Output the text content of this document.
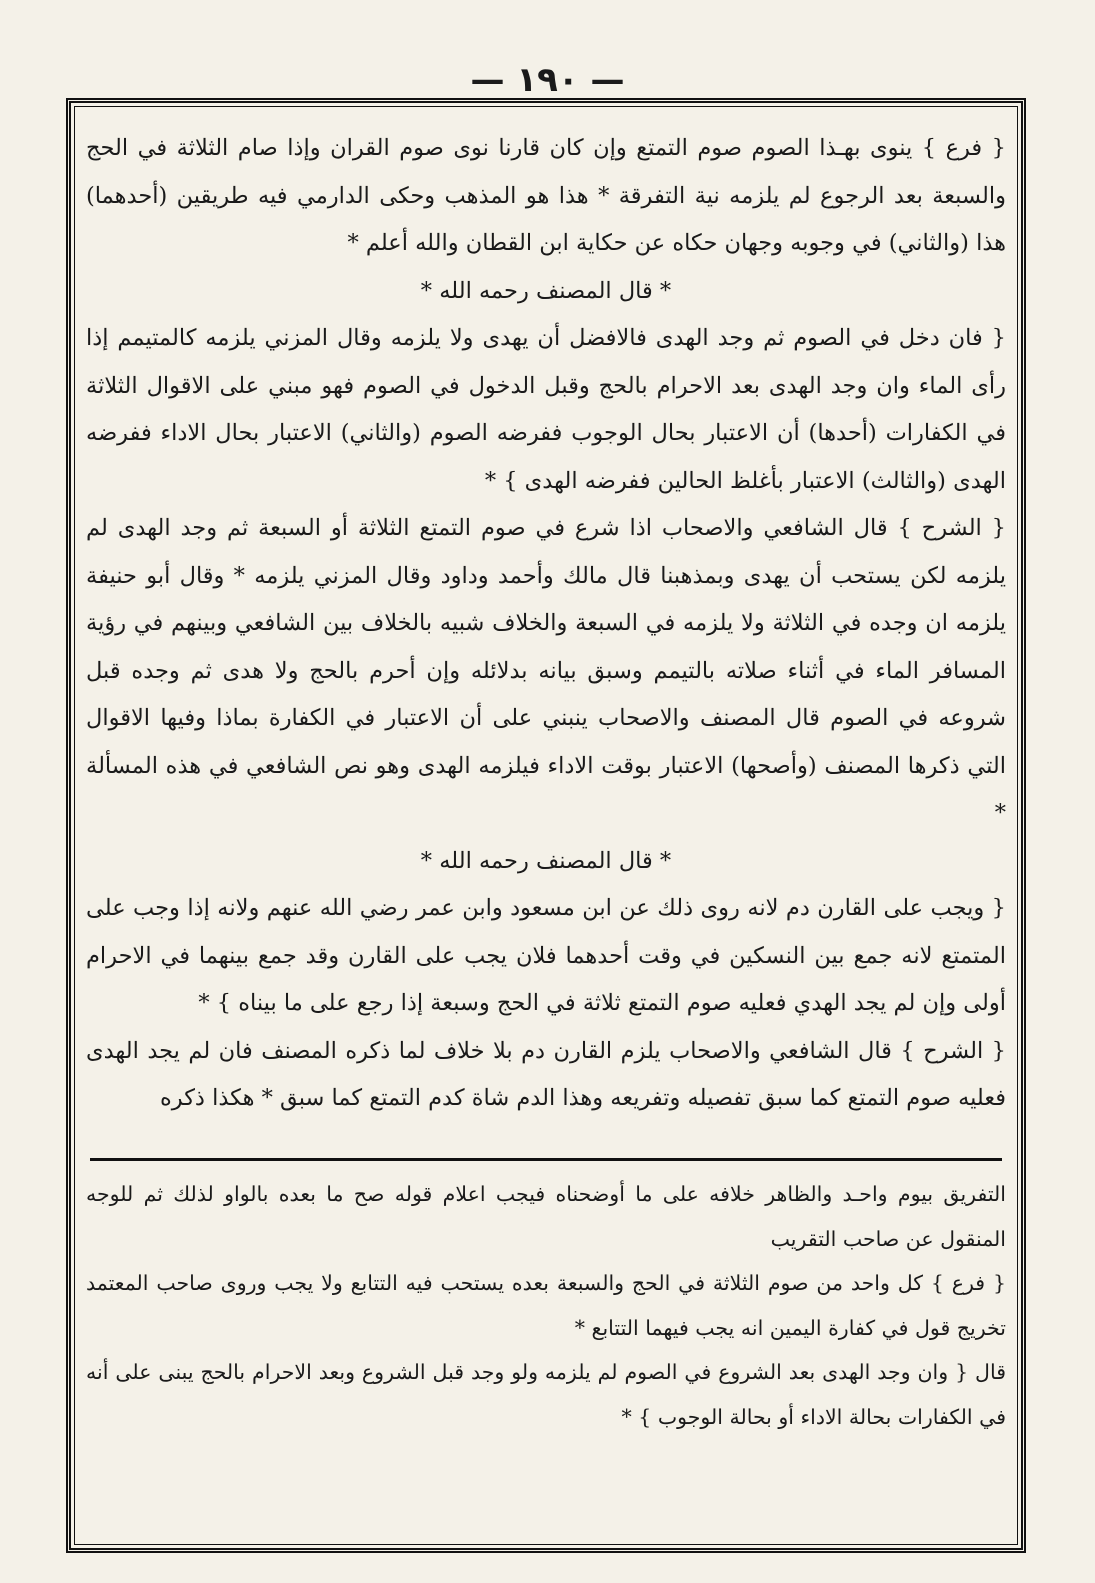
— ١٩٠ —

{ فرع } ينوى بهـذا الصوم صوم التمتع وإن كان قارنا نوى صوم القران وإذا صام الثلاثة في الحج والسبعة بعد الرجوع لم يلزمه نية التفرقة * هذا هو المذهب وحكى الدارمي فيه طريقين (أحدهما) هذا (والثاني) في وجوبه وجهان حكاه عن حكاية ابن القطان والله أعلم *

* قال المصنف رحمه الله *

{ فان دخل في الصوم ثم وجد الهدى فالافضل أن يهدى ولا يلزمه وقال المزني يلزمه كالمتيمم إذا رأى الماء وان وجد الهدى بعد الاحرام بالحج وقبل الدخول في الصوم فهو مبني على الاقوال الثلاثة في الكفارات (أحدها) أن الاعتبار بحال الوجوب ففرضه الصوم (والثاني) الاعتبار بحال الاداء ففرضه الهدى (والثالث) الاعتبار بأغلظ الحالين ففرضه الهدى } *

{ الشرح } قال الشافعي والاصحاب اذا شرع في صوم التمتع الثلاثة أو السبعة ثم وجد الهدى لم يلزمه لكن يستحب أن يهدى وبمذهبنا قال مالك وأحمد وداود وقال المزني يلزمه * وقال أبو حنيفة يلزمه ان وجده في الثلاثة ولا يلزمه في السبعة والخلاف شبيه بالخلاف بين الشافعي وبينهم في رؤية المسافر الماء في أثناء صلاته بالتيمم وسبق بيانه بدلائله وإن أحرم بالحج ولا هدى ثم وجده قبل شروعه في الصوم قال المصنف والاصحاب ينبني على أن الاعتبار في الكفارة بماذا وفيها الاقوال التي ذكرها المصنف (وأصحها) الاعتبار بوقت الاداء فيلزمه الهدى وهو نص الشافعي في هذه المسألة *

* قال المصنف رحمه الله *

{ ويجب على القارن دم لانه روى ذلك عن ابن مسعود وابن عمر رضي الله عنهم ولانه إذا وجب على المتمتع لانه جمع بين النسكين في وقت أحدهما فلان يجب على القارن وقد جمع بينهما في الاحرام أولى وإن لم يجد الهدي فعليه صوم التمتع ثلاثة في الحج وسبعة إذا رجع على ما بيناه } *

{ الشرح } قال الشافعي والاصحاب يلزم القارن دم بلا خلاف لما ذكره المصنف فان لم يجد الهدى فعليه صوم التمتع كما سبق تفصيله وتفريعه وهذا الدم شاة كدم التمتع كما سبق * هكذا ذكره

التفريق بيوم واحـد والظاهر خلافه على ما أوضحناه فيجب اعلام قوله صح ما بعده بالواو لذلك ثم للوجه المنقول عن صاحب التقريب

{ فرع } كل واحد من صوم الثلاثة في الحج والسبعة بعده يستحب فيه التتابع ولا يجب وروى صاحب المعتمد تخريج قول في كفارة اليمين انه يجب فيهما التتابع *

قال { وان وجد الهدى بعد الشروع في الصوم لم يلزمه ولو وجد قبل الشروع وبعد الاحرام بالحج يبنى على أنه في الكفارات بحالة الاداء أو بحالة الوجوب } *
